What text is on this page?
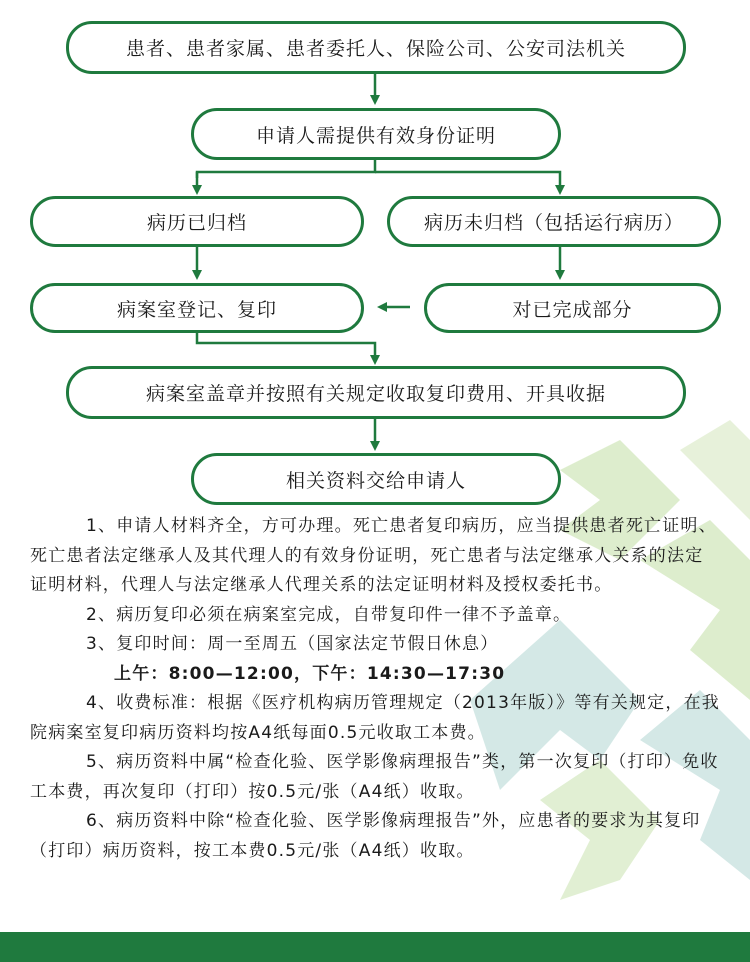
患者、患者家属、患者委托人、保险公司、公安司法机关
申请人需提供有效身份证明
病历已归档	病历未归档（包括运行病历）
病案室登记、复印	对已完成部分
病案室盖章并按照有关规定收取复印费用、开具收据
相关资料交给申请人

1、申请人材料齐全，方可办理。死亡患者复印病历，应当提供患者死亡证明、死亡患者法定继承人及其代理人的有效身份证明，死亡患者与法定继承人关系的法定证明材料，代理人与法定继承人代理关系的法定证明材料及授权委托书。

2、病历复印必须在病案室完成，自带复印件一律不予盖章。

3、复印时间：周一至周五（国家法定节假日休息）

上午：8:00—12:00，下午：14:30—17:30

4、收费标准：根据《医疗机构病历管理规定（2013年版）》等有关规定，在我院病案室复印病历资料均按A4纸每面0.5元收取工本费。

5、病历资料中属“检查化验、医学影像病理报告”类，第一次复印（打印）免收工本费，再次复印（打印）按0.5元/张（A4纸）收取。

6、病历资料中除“检查化验、医学影像病理报告”外，应患者的要求为其复印（打印）病历资料，按工本费0.5元/张（A4纸）收取。
